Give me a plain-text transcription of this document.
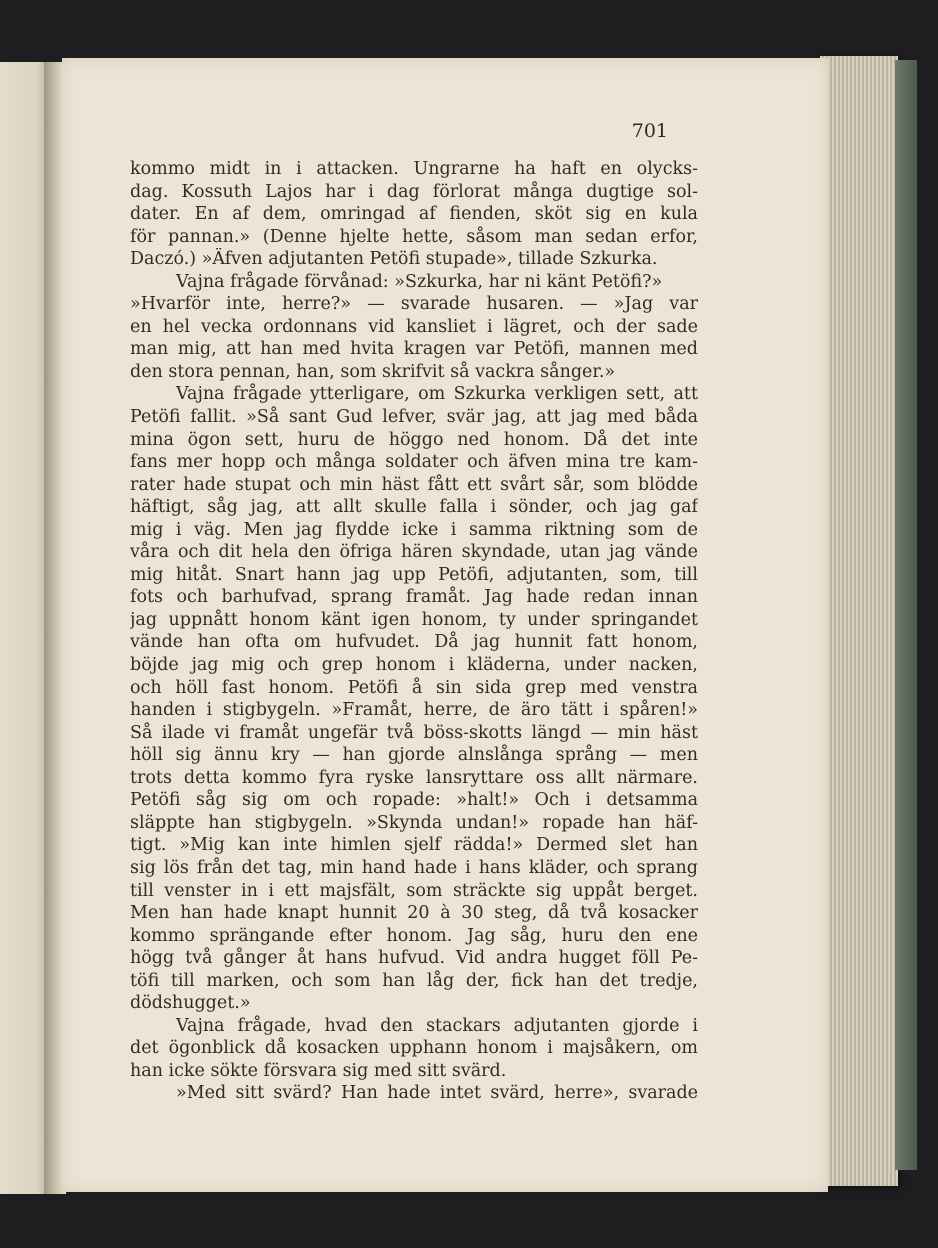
701
kommo midt in i attacken. Ungrarne ha haft en olycks-
dag. Kossuth Lajos har i dag förlorat många dugtige sol-
dater. En af dem, omringad af fienden, sköt sig en kula
för pannan.» (Denne hjelte hette, såsom man sedan erfor,
Daczó.) »Äfven adjutanten Petöfi stupade», tillade Szkurka.
Vajna frågade förvånad: »Szkurka, har ni känt Petöfi?»
»Hvarför inte, herre?» — svarade husaren. — »Jag var
en hel vecka ordonnans vid kansliet i lägret, och der sade
man mig, att han med hvita kragen var Petöfi, mannen med
den stora pennan, han, som skrifvit så vackra sånger.»
Vajna frågade ytterligare, om Szkurka verkligen sett, att
Petöfi fallit. »Så sant Gud lefver, svär jag, att jag med båda
mina ögon sett, huru de höggo ned honom. Då det inte
fans mer hopp och många soldater och äfven mina tre kam-
rater hade stupat och min häst fått ett svårt sår, som blödde
häftigt, såg jag, att allt skulle falla i sönder, och jag gaf
mig i väg. Men jag flydde icke i samma riktning som de
våra och dit hela den öfriga hären skyndade, utan jag vände
mig hitåt. Snart hann jag upp Petöfi, adjutanten, som, till
fots och barhufvad, sprang framåt. Jag hade redan innan
jag uppnått honom känt igen honom, ty under springandet
vände han ofta om hufvudet. Då jag hunnit fatt honom,
böjde jag mig och grep honom i kläderna, under nacken,
och höll fast honom. Petöfi å sin sida grep med venstra
handen i stigbygeln. »Framåt, herre, de äro tätt i spåren!»
Så ilade vi framåt ungefär två böss-skotts längd — min häst
höll sig ännu kry — han gjorde alnslånga språng — men
trots detta kommo fyra ryske lansryttare oss allt närmare.
Petöfi såg sig om och ropade: »halt!» Och i detsamma
släppte han stigbygeln. »Skynda undan!» ropade han häf-
tigt. »Mig kan inte himlen sjelf rädda!» Dermed slet han
sig lös från det tag, min hand hade i hans kläder, och sprang
till venster in i ett majsfält, som sträckte sig uppåt berget.
Men han hade knapt hunnit 20 à 30 steg, då två kosacker
kommo sprängande efter honom. Jag såg, huru den ene
högg två gånger åt hans hufvud. Vid andra hugget föll Pe-
töfi till marken, och som han låg der, fick han det tredje,
dödshugget.»
Vajna frågade, hvad den stackars adjutanten gjorde i
det ögonblick då kosacken upphann honom i majsåkern, om
han icke sökte försvara sig med sitt svärd.
»Med sitt svärd? Han hade intet svärd, herre», svarade
